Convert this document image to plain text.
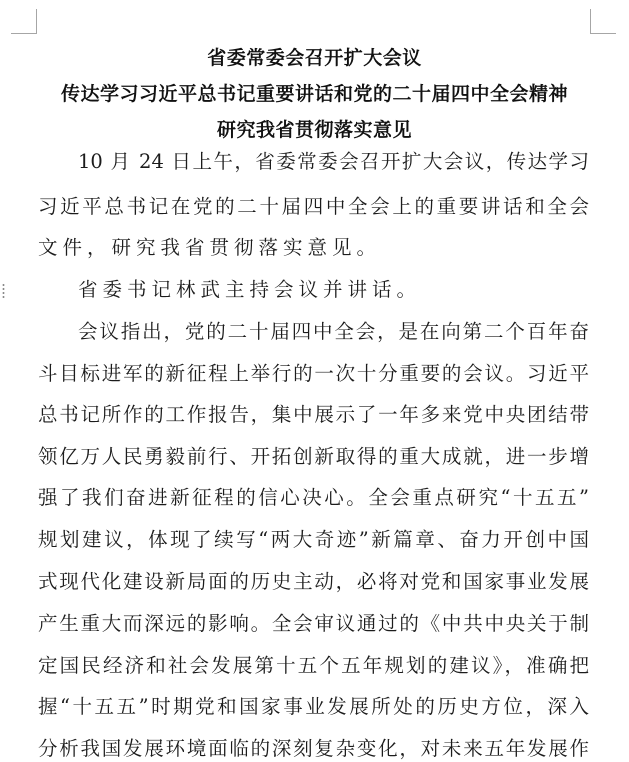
省委常委会召开扩大会议
传达学习习近平总书记重要讲话和党的二十届四中全会精神
研究我省贯彻落实意见
10 月 24 日上午，省委常委会召开扩大会议，传达学习
习近平总书记在党的二十届四中全会上的重要讲话和全会
文件，研究我省贯彻落实意见。
省委书记林武主持会议并讲话。
会议指出，党的二十届四中全会，是在向第二个百年奋
斗目标进军的新征程上举行的一次十分重要的会议。习近平
总书记所作的工作报告，集中展示了一年多来党中央团结带
领亿万人民勇毅前行、开拓创新取得的重大成就，进一步增
强了我们奋进新征程的信心决心。全会重点研究“十五五”
规划建议，体现了续写“两大奇迹”新篇章、奋力开创中国
式现代化建设新局面的历史主动，必将对党和国家事业发展
产生重大而深远的影响。全会审议通过的《中共中央关于制
定国民经济和社会发展第十五个五年规划的建议》，准确把
握“十五五”时期党和国家事业发展所处的历史方位，深入
分析我国发展环境面临的深刻复杂变化，对未来五年发展作
